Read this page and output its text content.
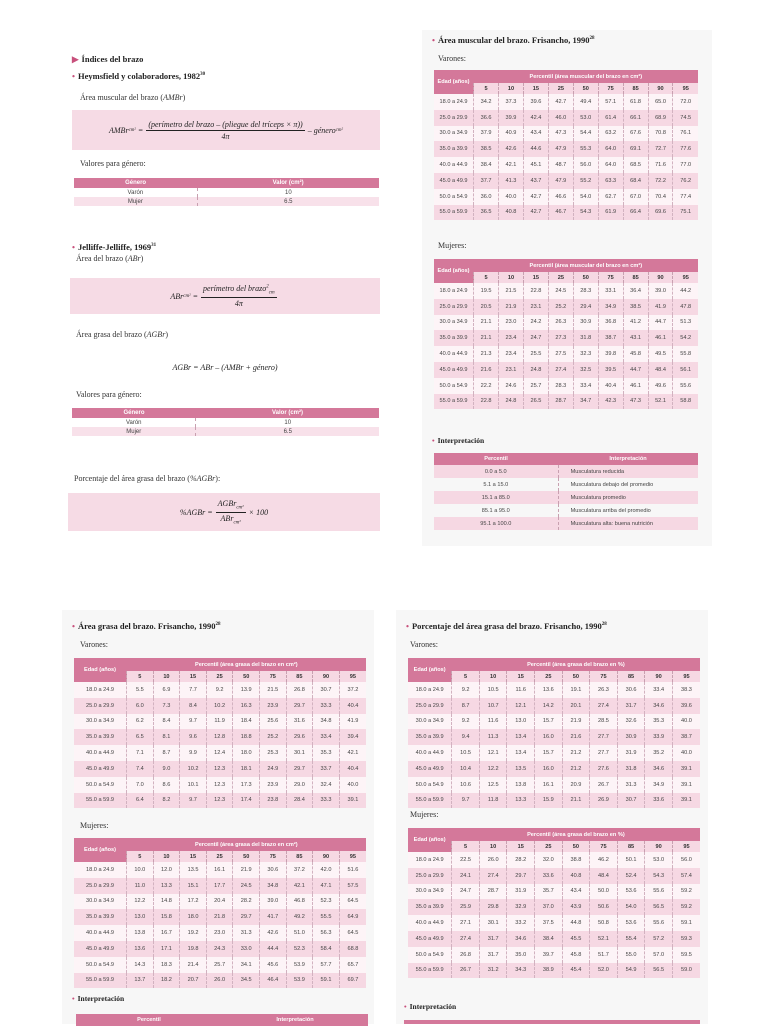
▶ Índices del brazo
• Heymsfield y colaboradores, 1982$^{30}$
Área muscular del brazo (AMBr)
AMBr $cm^2 = \frac{\text{(perímetro del brazo – (pliegue del tríceps × π))}}{4\pi}$ – género cm²
Valores para género:
Género	Valor (cm²)
Varón	10
Mujer	6.5
• Jelliffe-Jelliffe, 1969$^{31}$
Área del brazo (ABr)
ABr $cm^2 = \frac{perímetro del brazo^2_{cm}}{4\pi}$
Área grasa del brazo (AGBr)
AGBr = ABr – (AMBr + género)
Valores para género:
Género	Valor (cm²)
Varón	10
Mujer	6.5
Porcentaje del área grasa del brazo (%AGBr):
%AGBr = $\frac{AGBr_{cm^2}}{ABr_{cm^2}} \times 100$
• Área muscular del brazo. Frisancho, 1990$^{28}$
Varones:
Edad (años)	Percentil (área muscular del brazo en cm²)								
	5	10	15	25	50	75	85	90	95
18.0 a 24.9	34.2	37.3	39.6	42.7	49.4	57.1	61.8	65.0	72.0
25.0 a 29.9	36.6	39.9	42.4	46.0	53.0	61.4	66.1	68.9	74.5
30.0 a 34.9	37.9	40.9	43.4	47.3	54.4	63.2	67.6	70.8	76.1
35.0 a 39.9	38.5	42.6	44.6	47.9	55.3	64.0	69.1	72.7	77.6
40.0 a 44.9	38.4	42.1	45.1	48.7	56.0	64.0	68.5	71.6	77.0
45.0 a 49.9	37.7	41.3	43.7	47.9	55.2	63.3	68.4	72.2	76.2
50.0 a 54.9	36.0	40.0	42.7	46.6	54.0	62.7	67.0	70.4	77.4
55.0 a 59.9	36.5	40.8	42.7	46.7	54.3	61.9	66.4	69.6	75.1
Mujeres:
Edad (años)	Percentil (área muscular del brazo en cm²)								
	5	10	15	25	50	75	85	90	95
18.0 a 24.9	19.5	21.5	22.8	24.5	28.3	33.1	36.4	39.0	44.2
25.0 a 29.9	20.5	21.9	23.1	25.2	29.4	34.9	38.5	41.9	47.8
30.0 a 34.9	21.1	23.0	24.2	26.3	30.9	36.8	41.2	44.7	51.3
35.0 a 39.9	21.1	23.4	24.7	27.3	31.8	38.7	43.1	46.1	54.2
40.0 a 44.9	21.3	23.4	25.5	27.5	32.3	39.8	45.8	49.5	55.8
45.0 a 49.9	21.6	23.1	24.8	27.4	32.5	39.5	44.7	48.4	56.1
50.0 a 54.9	22.2	24.6	25.7	28.3	33.4	40.4	46.1	49.6	55.6
55.0 a 59.9	22.8	24.8	26.5	28.7	34.7	42.3	47.3	52.1	58.8
• Interpretación
Percentil	Interpretación
0.0 a 5.0	Musculatura reducida
5.1 a 15.0	Musculatura debajo del promedio
15.1 a 85.0	Musculatura promedio
85.1 a 95.0	Musculatura arriba del promedio
95.1 a 100.0	Musculatura alta: buena nutrición
• Área grasa del brazo. Frisancho, 1990$^{28}$
Varones:
Edad (años)	Percentil (área grasa del brazo en cm²)								
	5	10	15	25	50	75	85	90	95
18.0 a 24.9	5.5	6.9	7.7	9.2	13.9	21.5	26.8	30.7	37.2
25.0 a 29.9	6.0	7.3	8.4	10.2	16.3	23.9	29.7	33.3	40.4
30.0 a 34.9	6.2	8.4	9.7	11.9	18.4	25.6	31.6	34.8	41.9
35.0 a 39.9	6.5	8.1	9.6	12.8	18.8	25.2	29.6	33.4	39.4
40.0 a 44.9	7.1	8.7	9.9	12.4	18.0	25.3	30.1	35.3	42.1
45.0 a 49.9	7.4	9.0	10.2	12.3	18.1	24.9	29.7	33.7	40.4
50.0 a 54.9	7.0	8.6	10.1	12.3	17.3	23.9	29.0	32.4	40.0
55.0 a 59.9	6.4	8.2	9.7	12.3	17.4	23.8	28.4	33.3	39.1
Mujeres:
Edad (años)	Percentil (área grasa del brazo en cm²)								
	5	10	15	25	50	75	85	90	95
18.0 a 24.9	10.0	12.0	13.5	16.1	21.9	30.6	37.2	42.0	51.6
25.0 a 29.9	11.0	13.3	15.1	17.7	24.5	34.8	42.1	47.1	57.5
30.0 a 34.9	12.2	14.8	17.2	20.4	28.2	39.0	46.8	52.3	64.5
35.0 a 39.9	13.0	15.8	18.0	21.8	29.7	41.7	49.2	55.5	64.9
40.0 a 44.9	13.8	16.7	19.2	23.0	31.3	42.6	51.0	56.3	64.5
45.0 a 49.9	13.6	17.1	19.8	24.3	33.0	44.4	52.3	58.4	68.8
50.0 a 54.9	14.3	18.3	21.4	25.7	34.1	45.6	53.9	57.7	65.7
55.0 a 59.9	13.7	18.2	20.7	26.0	34.5	46.4	53.9	59.1	69.7
• Interpretación
Percentil	Interpretación
• Porcentaje del área grasa del brazo. Frisancho, 1990$^{28}$
Varones:
Edad (años)	Percentil (área grasa del brazo en %)								
	5	10	15	25	50	75	85	90	95
18.0 a 24.9	9.2	10.5	11.6	13.6	19.1	26.3	30.6	33.4	38.3
25.0 a 29.9	8.7	10.7	12.1	14.2	20.1	27.4	31.7	34.6	39.6
30.0 a 34.9	9.2	11.6	13.0	15.7	21.9	28.5	32.6	35.3	40.0
35.0 a 39.9	9.4	11.3	13.4	16.0	21.6	27.7	30.9	33.9	38.7
40.0 a 44.9	10.5	12.1	13.4	15.7	21.2	27.7	31.9	35.2	40.0
45.0 a 49.9	10.4	12.2	13.5	16.0	21.2	27.6	31.8	34.6	39.1
50.0 a 54.9	10.6	12.5	13.8	16.1	20.9	26.7	31.3	34.9	39.1
55.0 a 59.9	9.7	11.8	13.3	15.9	21.1	26.9	30.7	33.6	39.1
Mujeres:
Edad (años)	Percentil (área grasa del brazo en %)								
	5	10	15	25	50	75	85	90	95
18.0 a 24.9	22.5	26.0	28.2	32.0	38.8	46.2	50.1	53.0	56.0
25.0 a 29.9	24.1	27.4	29.7	33.6	40.8	48.4	52.4	54.3	57.4
30.0 a 34.9	24.7	28.7	31.9	35.7	43.4	50.0	53.6	55.6	59.2
35.0 a 39.9	25.9	29.8	32.9	37.0	43.9	50.6	54.0	56.5	59.2
40.0 a 44.9	27.1	30.1	33.2	37.5	44.8	50.8	53.6	55.6	59.1
45.0 a 49.9	27.4	31.7	34.6	38.4	45.5	52.1	55.4	57.2	59.3
50.0 a 54.9	26.8	31.7	35.0	39.7	45.8	51.7	55.0	57.0	59.5
55.0 a 59.9	26.7	31.2	34.3	38.9	45.4	52.0	54.9	56.5	59.0
• Interpretación
